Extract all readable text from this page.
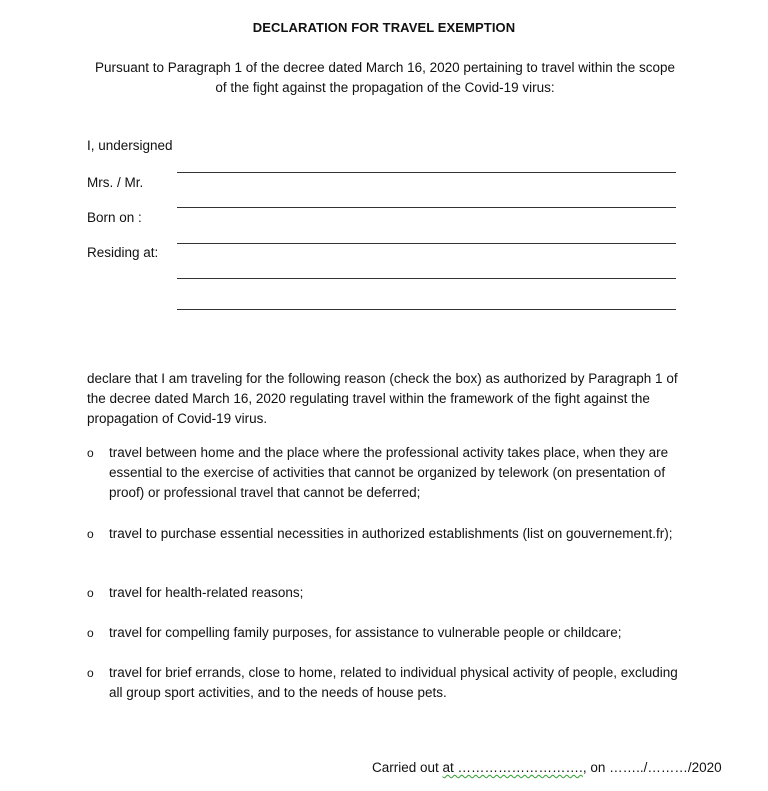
DECLARATION FOR TRAVEL EXEMPTION
Pursuant to Paragraph 1 of the decree dated March 16, 2020 pertaining to travel within the scope of the fight against the propagation of the Covid-19 virus:
I, undersigned
Mrs. / Mr.
Born on :
Residing at:
declare that I am traveling for the following reason (check the box) as authorized by Paragraph 1 of the decree dated March 16, 2020 regulating travel within the framework of the fight against the propagation of Covid-19 virus.
o	travel between home and the place where the professional activity takes place, when they are essential to the exercise of activities that cannot be organized by telework (on presentation of proof) or professional travel that cannot be deferred;
o	travel to purchase essential necessities in authorized establishments (list on gouvernement.fr);
o	travel for health-related reasons;
o	travel for compelling family purposes, for assistance to vulnerable people or childcare;
o	travel for brief errands, close to home, related to individual physical activity of people, excluding all group sport activities, and to the needs of house pets.
Carried out at ………………………., on ……../………/2020
